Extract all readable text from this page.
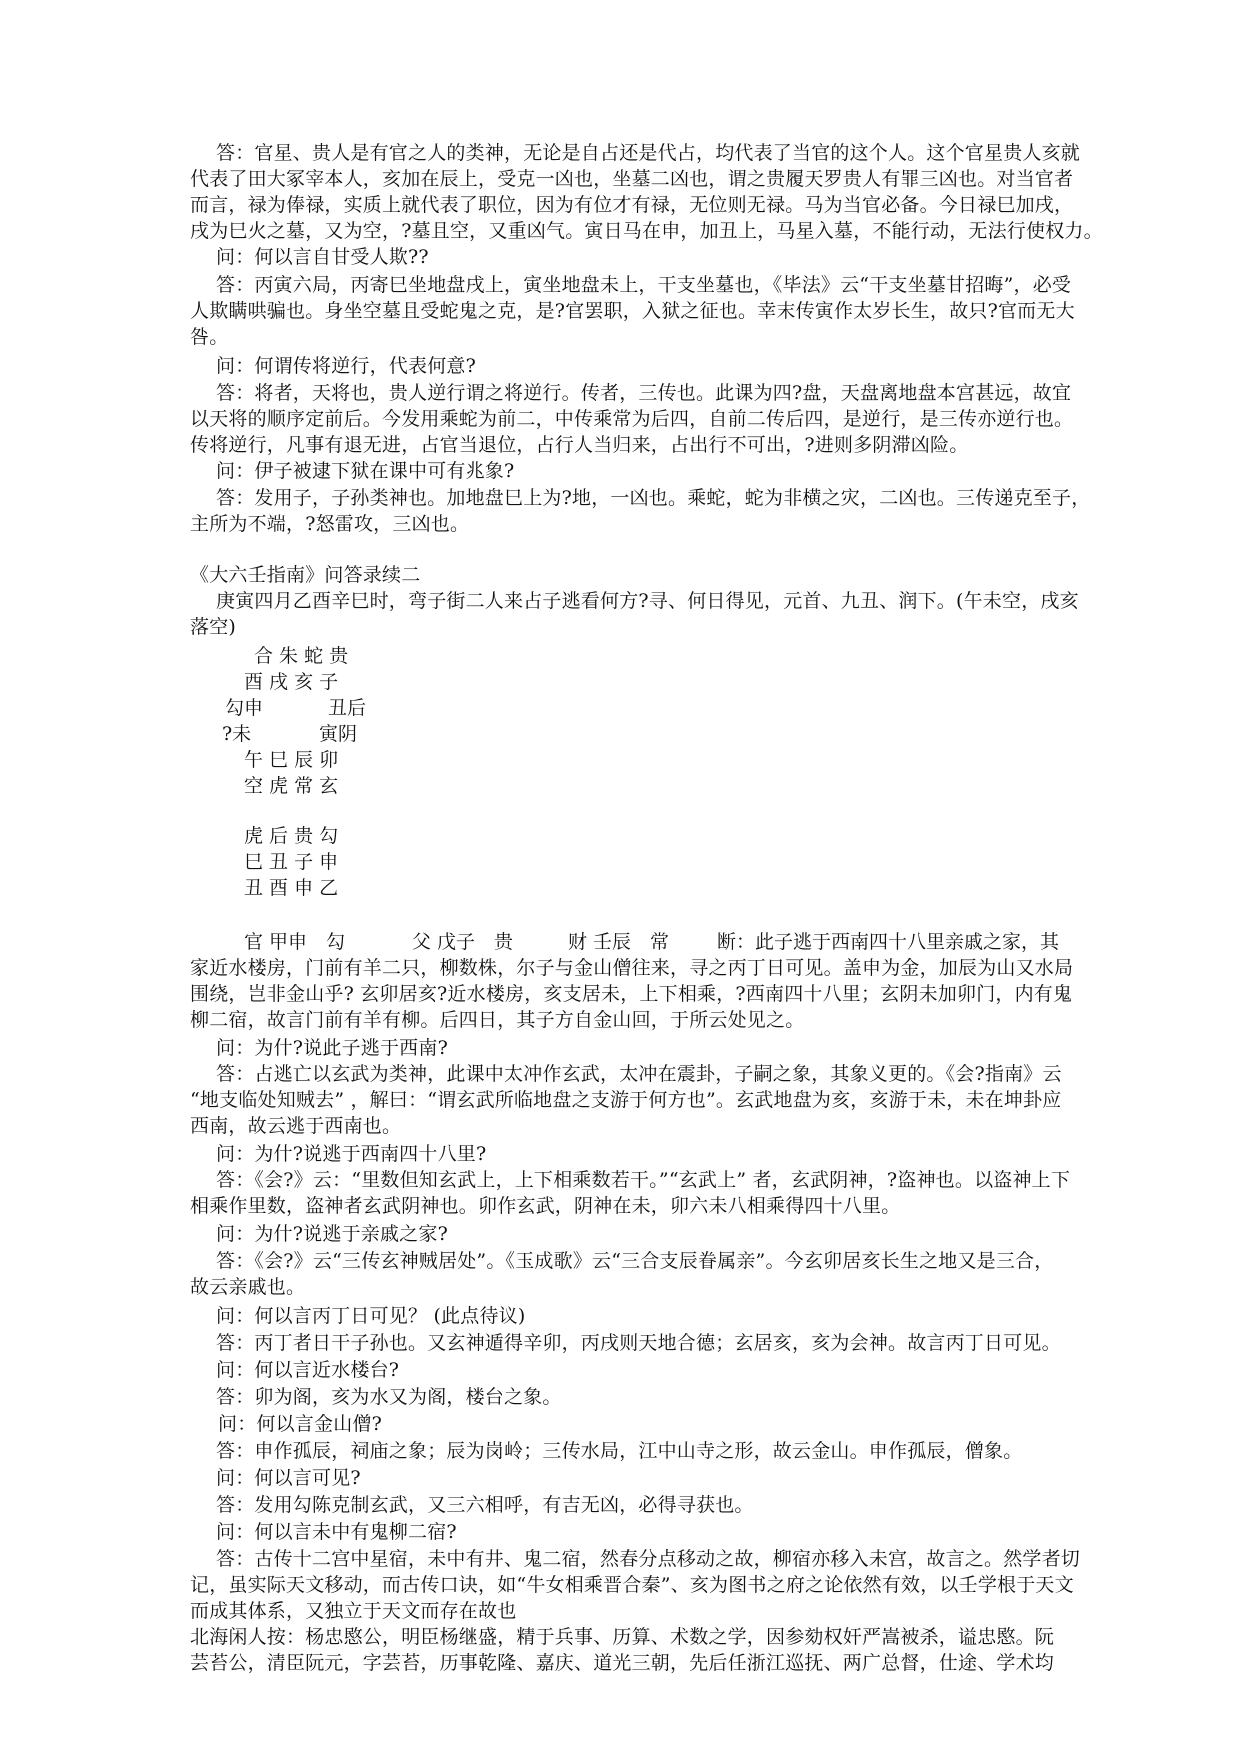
答：官星、贵人是有官之人的类神，无论是自占还是代占，均代表了当官的这个人。这个官星贵人亥就
代表了田大冢宰本人，亥加在辰上，受克一凶也，坐墓二凶也，谓之贵履天罗贵人有罪三凶也。对当官者
而言，禄为俸禄，实质上就代表了职位，因为有位才有禄，无位则无禄。马为当官必备。今日禄巳加戌，
戌为巳火之墓，又为空，?墓且空，又重凶气。寅日马在申，加丑上，马星入墓，不能行动，无法行使权力。
问：何以言自甘受人欺??
答：丙寅六局，丙寄巳坐地盘戌上，寅坐地盘未上，干支坐墓也，《毕法》云“干支坐墓甘招晦”，必受
人欺瞒哄骗也。身坐空墓且受蛇鬼之克，是?官罢职，入狱之征也。幸末传寅作太岁长生，故只?官而无大
咎。
问：何谓传将逆行，代表何意?
答：将者，天将也，贵人逆行谓之将逆行。传者，三传也。此课为四?盘，天盘离地盘本宫甚远，故宜
以天将的顺序定前后。今发用乘蛇为前二，中传乘常为后四，自前二传后四，是逆行，是三传亦逆行也。
传将逆行，凡事有退无进，占官当退位，占行人当归来，占出行不可出，?进则多阴滞凶险。
问：伊子被逮下狱在课中可有兆象?
答：发用子，子孙类神也。加地盘巳上为?地，一凶也。乘蛇，蛇为非横之灾，二凶也。三传递克至子，
主所为不端，?怒雷攻，三凶也。
《大六壬指南》问答录续二
庚寅四月乙酉辛巳时，弯子街二人来占子逃看何方?寻、何日得见，元首、九丑、润下。(午未空，戌亥
落空)
合 朱 蛇 贵
酉 戌 亥 子
勾申	丑后
?未	寅阴
午 巳 辰 卯
空 虎 常 玄
虎 后 贵 勾
巳 丑 子 申
丑 酉 申 乙
官 甲申　勾	父 戊子　贵	财 壬辰　常	断：此子逃于西南四十八里亲戚之家，其
家近水楼房，门前有羊二只，柳数株，尔子与金山僧往来，寻之丙丁日可见。盖申为金，加辰为山又水局
围绕，岂非金山乎? 玄卯居亥?近水楼房，亥支居未，上下相乘，?西南四十八里；玄阴未加卯门，内有鬼
柳二宿，故言门前有羊有柳。后四日，其子方自金山回，于所云处见之。
问：为什?说此子逃于西南?
答：占逃亡以玄武为类神，此课中太冲作玄武，太冲在震卦，子嗣之象，其象义更的。《会?指南》云
“地支临处知贼去” ，解曰：“谓玄武所临地盘之支游于何方也”。玄武地盘为亥，亥游于未，未在坤卦应
西南，故云逃于西南也。
问：为什?说逃于西南四十八里?
答：《会?》云：“里数但知玄武上，上下相乘数若干。”“玄武上” 者，玄武阴神，?盗神也。以盗神上下
相乘作里数，盗神者玄武阴神也。卯作玄武，阴神在未，卯六未八相乘得四十八里。
问：为什?说逃于亲戚之家?
答：《会?》云“三传玄神贼居处”。《玉成歌》云“三合支辰眷属亲”。今玄卯居亥长生之地又是三合，
故云亲戚也。
问：何以言丙丁日可见？ (此点待议)
答：丙丁者日干子孙也。又玄神遁得辛卯，丙戌则天地合德；玄居亥，亥为会神。故言丙丁日可见。
问：何以言近水楼台?
答：卯为阁，亥为水又为阁，楼台之象。
问：何以言金山僧?
答：申作孤辰，祠庙之象；辰为岗岭；三传水局，江中山寺之形，故云金山。申作孤辰，僧象。
问：何以言可见?
答：发用勾陈克制玄武，又三六相呼，有吉无凶，必得寻获也。
问：何以言未中有鬼柳二宿?
答：古传十二宫中星宿，未中有井、鬼二宿，然春分点移动之故，柳宿亦移入未宫，故言之。然学者切
记，虽实际天文移动，而古传口诀，如“牛女相乘晋合秦”、亥为图书之府之论依然有效，以壬学根于天文
而成其体系，又独立于天文而存在故也
北海闲人按：杨忠愍公，明臣杨继盛，精于兵事、历算、术数之学，因参劾权奸严嵩被杀，谥忠愍。阮
芸苔公，清臣阮元，字芸苔，历事乾隆、嘉庆、道光三朝，先后任浙江巡抚、两广总督，仕途、学术均
